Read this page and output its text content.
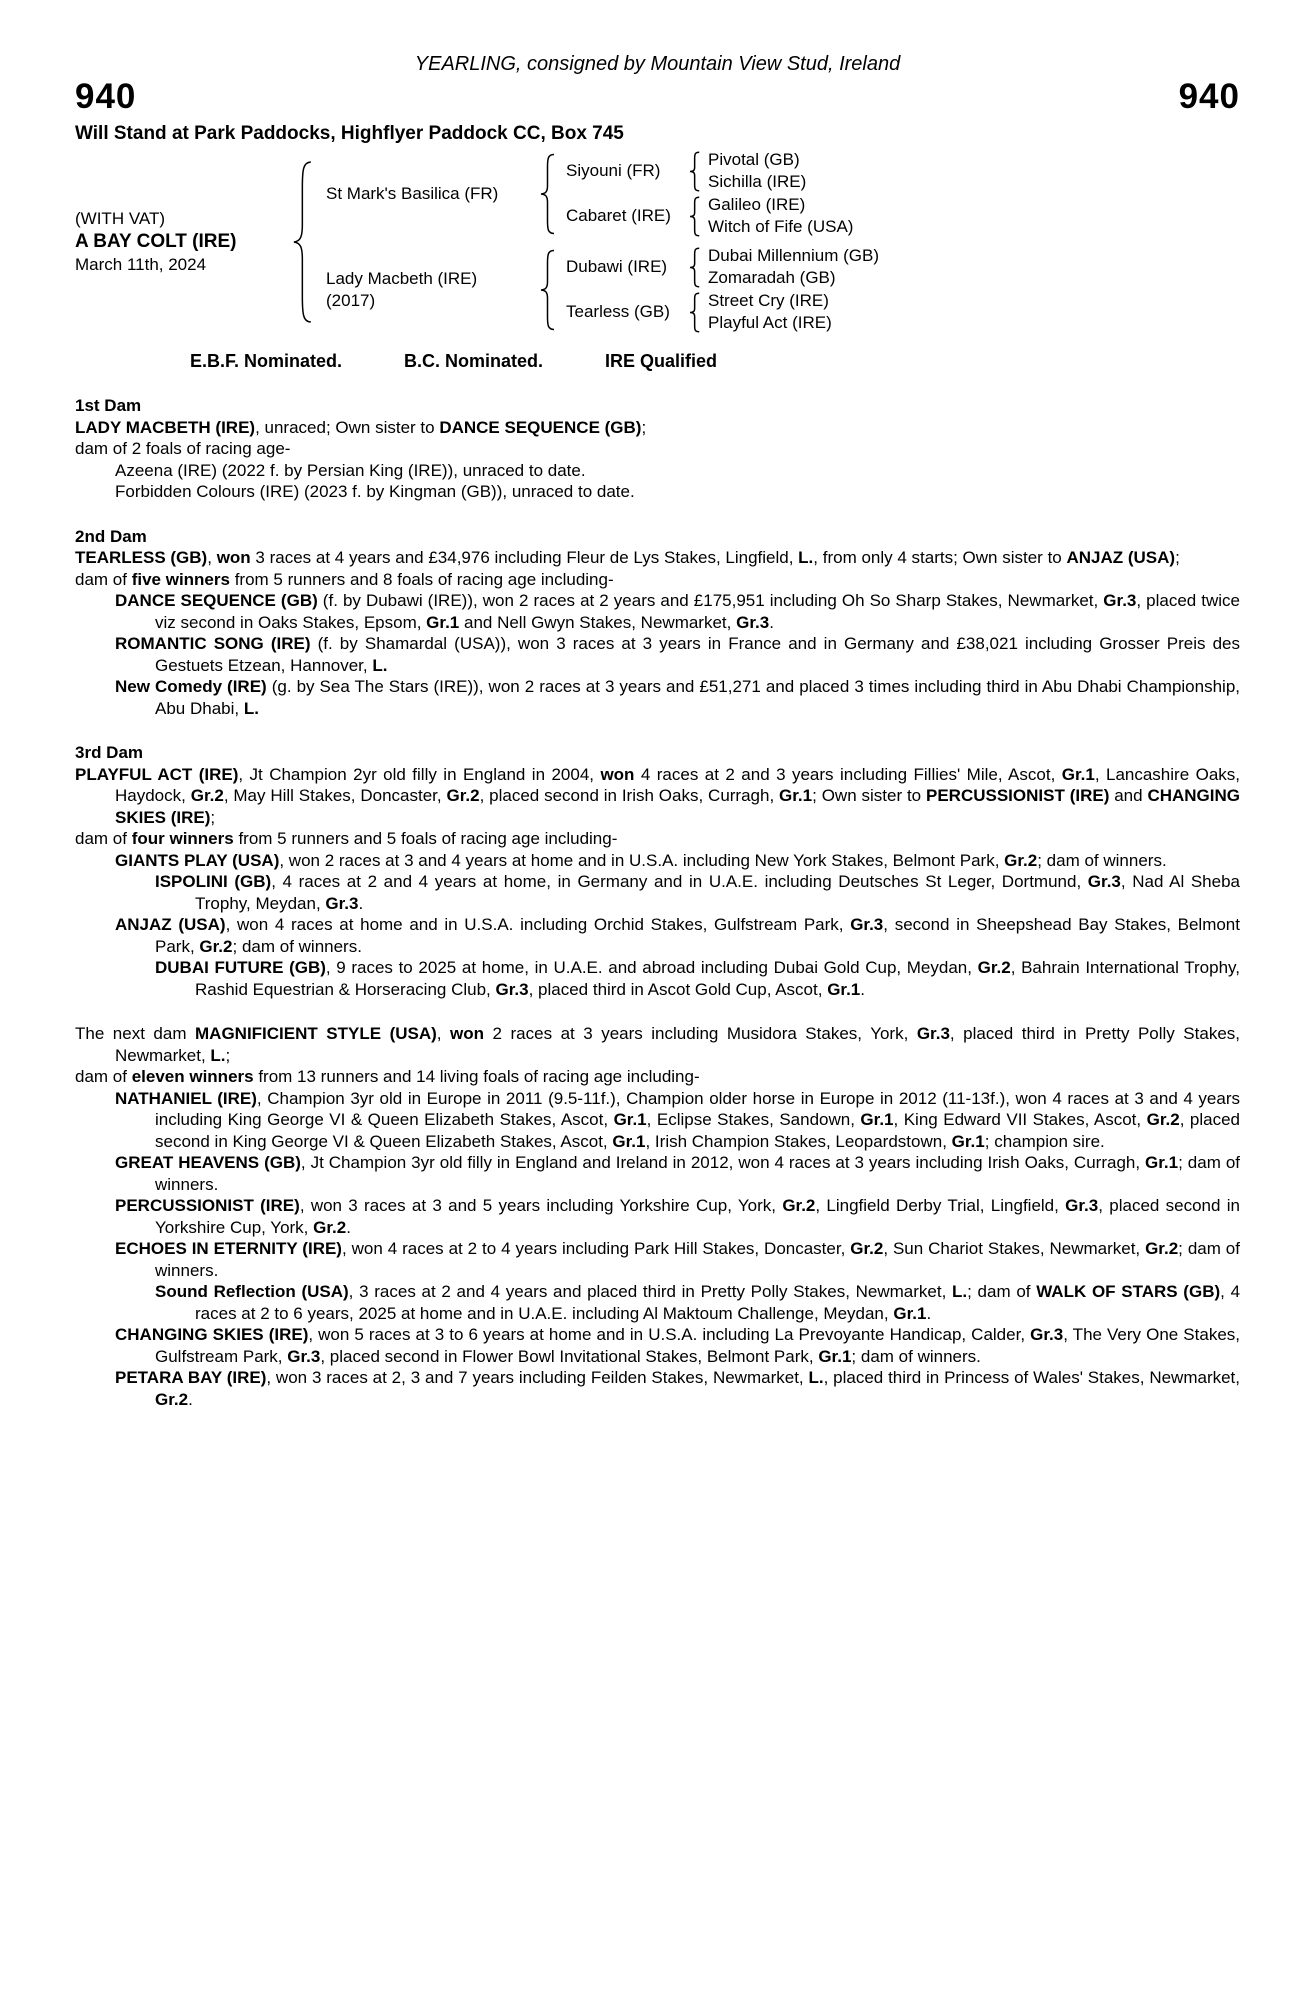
YEARLING, consigned by Mountain View Stud, Ireland
940	940
Will Stand at Park Paddocks, Highflyer Paddock CC, Box 745
(WITH VAT)
A BAY COLT (IRE)
March 11th, 2024
St Mark's Basilica (FR)
Siyouni (FR)
Pivotal (GB)
Sichilla (IRE)
Cabaret (IRE)
Galileo (IRE)
Witch of Fife (USA)
Lady Macbeth (IRE)
(2017)
Dubawi (IRE)
Dubai Millennium (GB)
Zomaradah (GB)
Tearless (GB)
Street Cry (IRE)
Playful Act (IRE)
E.B.F. Nominated.	B.C. Nominated.	IRE Qualified
1st Dam

LADY MACBETH (IRE), unraced; Own sister to DANCE SEQUENCE (GB);

dam of 2 foals of racing age-

Azeena (IRE) (2022 f. by Persian King (IRE)), unraced to date.

Forbidden Colours (IRE) (2023 f. by Kingman (GB)), unraced to date.

2nd Dam

TEARLESS (GB), won 3 races at 4 years and £34,976 including Fleur de Lys Stakes, Lingfield, L., from only 4 starts; Own sister to ANJAZ (USA);

dam of five winners from 5 runners and 8 foals of racing age including-

DANCE SEQUENCE (GB) (f. by Dubawi (IRE)), won 2 races at 2 years and £175,951 including Oh So Sharp Stakes, Newmarket, Gr.3, placed twice viz second in Oaks Stakes, Epsom, Gr.1 and Nell Gwyn Stakes, Newmarket, Gr.3.

ROMANTIC SONG (IRE) (f. by Shamardal (USA)), won 3 races at 3 years in France and in Germany and £38,021 including Grosser Preis des Gestuets Etzean, Hannover, L.

New Comedy (IRE) (g. by Sea The Stars (IRE)), won 2 races at 3 years and £51,271 and placed 3 times including third in Abu Dhabi Championship, Abu Dhabi, L.

3rd Dam

PLAYFUL ACT (IRE), Jt Champion 2yr old filly in England in 2004, won 4 races at 2 and 3 years including Fillies' Mile, Ascot, Gr.1, Lancashire Oaks, Haydock, Gr.2, May Hill Stakes, Doncaster, Gr.2, placed second in Irish Oaks, Curragh, Gr.1; Own sister to PERCUSSIONIST (IRE) and CHANGING SKIES (IRE);

dam of four winners from 5 runners and 5 foals of racing age including-

GIANTS PLAY (USA), won 2 races at 3 and 4 years at home and in U.S.A. including New York Stakes, Belmont Park, Gr.2; dam of winners.

ISPOLINI (GB), 4 races at 2 and 4 years at home, in Germany and in U.A.E. including Deutsches St Leger, Dortmund, Gr.3, Nad Al Sheba Trophy, Meydan, Gr.3.

ANJAZ (USA), won 4 races at home and in U.S.A. including Orchid Stakes, Gulfstream Park, Gr.3, second in Sheepshead Bay Stakes, Belmont Park, Gr.2; dam of winners.

DUBAI FUTURE (GB), 9 races to 2025 at home, in U.A.E. and abroad including Dubai Gold Cup, Meydan, Gr.2, Bahrain International Trophy, Rashid Equestrian & Horseracing Club, Gr.3, placed third in Ascot Gold Cup, Ascot, Gr.1.

The next dam MAGNIFICIENT STYLE (USA), won 2 races at 3 years including Musidora Stakes, York, Gr.3, placed third in Pretty Polly Stakes, Newmarket, L.;

dam of eleven winners from 13 runners and 14 living foals of racing age including-

NATHANIEL (IRE), Champion 3yr old in Europe in 2011 (9.5-11f.), Champion older horse in Europe in 2012 (11-13f.), won 4 races at 3 and 4 years including King George VI & Queen Elizabeth Stakes, Ascot, Gr.1, Eclipse Stakes, Sandown, Gr.1, King Edward VII Stakes, Ascot, Gr.2, placed second in King George VI & Queen Elizabeth Stakes, Ascot, Gr.1, Irish Champion Stakes, Leopardstown, Gr.1; champion sire.

GREAT HEAVENS (GB), Jt Champion 3yr old filly in England and Ireland in 2012, won 4 races at 3 years including Irish Oaks, Curragh, Gr.1; dam of winners.

PERCUSSIONIST (IRE), won 3 races at 3 and 5 years including Yorkshire Cup, York, Gr.2, Lingfield Derby Trial, Lingfield, Gr.3, placed second in Yorkshire Cup, York, Gr.2.

ECHOES IN ETERNITY (IRE), won 4 races at 2 to 4 years including Park Hill Stakes, Doncaster, Gr.2, Sun Chariot Stakes, Newmarket, Gr.2; dam of winners.

Sound Reflection (USA), 3 races at 2 and 4 years and placed third in Pretty Polly Stakes, Newmarket, L.; dam of WALK OF STARS (GB), 4 races at 2 to 6 years, 2025 at home and in U.A.E. including Al Maktoum Challenge, Meydan, Gr.1.

CHANGING SKIES (IRE), won 5 races at 3 to 6 years at home and in U.S.A. including La Prevoyante Handicap, Calder, Gr.3, The Very One Stakes, Gulfstream Park, Gr.3, placed second in Flower Bowl Invitational Stakes, Belmont Park, Gr.1; dam of winners.

PETARA BAY (IRE), won 3 races at 2, 3 and 7 years including Feilden Stakes, Newmarket, L., placed third in Princess of Wales' Stakes, Newmarket, Gr.2.
